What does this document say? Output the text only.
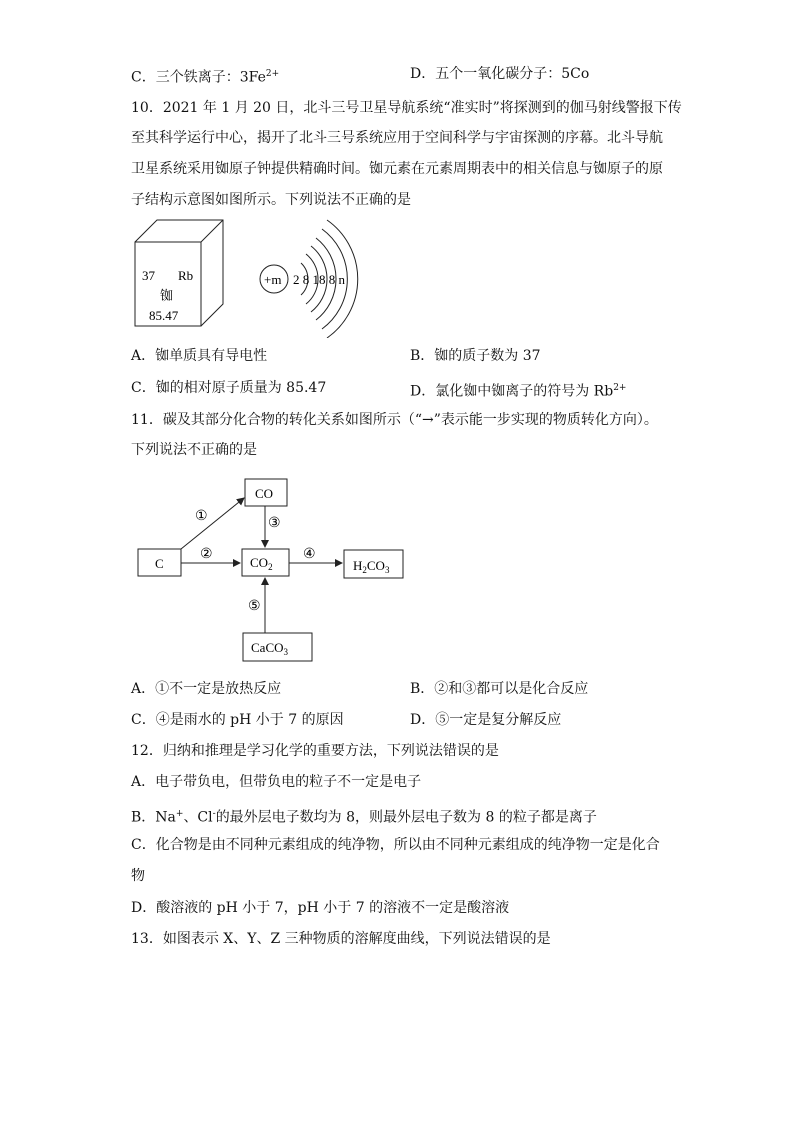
C．三个铁离子：$3Fe^{2+}$	D．五个一氧化碳分子：5Co
10．2021 年 1 月 20 日，北斗三号卫星导航系统“准实时”将探测到的伽马射线警报下传
至其科学运行中心，揭开了北斗三号系统应用于空间科学与宇宙探测的序幕。北斗导航
卫星系统采用铷原子钟提供精确时间。铷元素在元素周期表中的相关信息与铷原子的原
子结构示意图如图所示。下列说法不正确的是
37 Rb
铷
85.47
+m 2 8 18 8 n
A．铷单质具有导电性	B．铷的质子数为 37
C．铷的相对原子质量为 85.47	D．氯化铷中铷离子的符号为 $Rb^{2+}$
11．碳及其部分化合物的转化关系如图所示（“→”表示能一步实现的物质转化方向）。
下列说法不正确的是
C
CO
$CO_2$	$H_2CO_3$
CaCO$_3$
①
②
③
④
⑤
A．①不一定是放热反应	B．②和③都可以是化合反应
C．④是雨水的 pH 小于 7 的原因	D．⑤一定是复分解反应
12．归纳和推理是学习化学的重要方法，下列说法错误的是
A．电子带负电，但带负电的粒子不一定是电子
B．Na+、Cl-的最外层电子数均为 8，则最外层电子数为 8 的粒子都是离子
C．化合物是由不同种元素组成的纯净物，所以由不同种元素组成的纯净物一定是化合
物
D．酸溶液的 pH 小于 7，pH 小于 7 的溶液不一定是酸溶液
13．如图表示 X、Y、Z 三种物质的溶解度曲线，下列说法错误的是
